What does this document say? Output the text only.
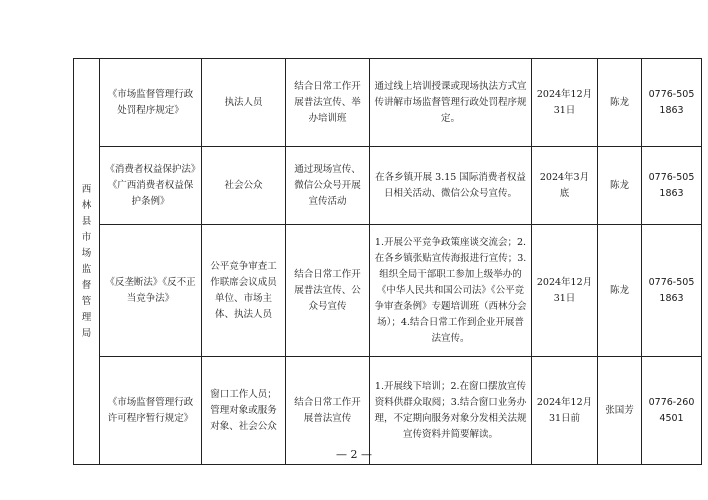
西林县市场监督管理局	《市场监督管理行政处罚程序规定》	执法人员	结合日常工作开展普法宣传、举办培训班	通过线上培训授课或现场执法方式宣传讲解市场监督管理行政处罚程序规定。	2024年12月31日	陈龙	0776-5051863
	《消费者权益保护法》《广西消费者权益保护条例》	社会公众	通过现场宣传、微信公众号开展宣传活动	在各乡镇开展 3.15 国际消费者权益日相关活动、微信公众号宣传。	2024年3月底	陈龙	0776-5051863
	《反垄断法》《反不正当竞争法》	公平竞争审查工作联席会议成员单位、市场主体、执法人员	结合日常工作开展普法宣传、公众号宣传	1.开展公平竞争政策座谈交流会；2.在各乡镇张贴宣传海报进行宣传；3.组织全局干部职工参加上级举办的《中华人民共和国公司法》《公平竞争审查条例》专题培训班（西林分会场）；4.结合日常工作到企业开展普法宣传。	2024年12月31日	陈龙	0776-5051863
	《市场监督管理行政许可程序暂行规定》	窗口工作人员；管理对象或服务对象、社会公众	结合日常工作开展普法宣传	1.开展线下培训；2.在窗口摆放宣传资料供群众取阅；3.结合窗口业务办理，不定期向服务对象分发相关法规宣传资料并简要解读。	2024年12月31日前	张国芳	0776-2604501
— 2 —
